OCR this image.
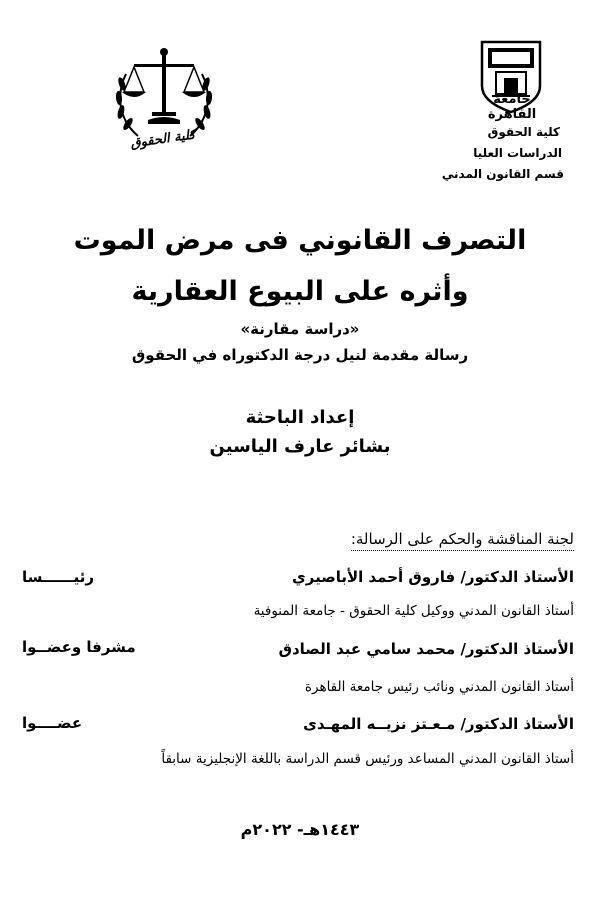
كلية الحقوق
جامعة القاهرة
كلية الحقوق
الدراسات العليا
قسم القانون المدني
التصرف القانوني فى مرض الموت
وأثره على البيوع العقارية
«دراسة مقارنة»
رسالة مقدمة لنيل درجة الدكتوراه في الحقوق
إعداد الباحثة
بشائر عارف الياسين
لجنة المناقشة والحكم على الرسالة:
الأستاذ الدكتور/ فاروق أحمد الأباصيري
رئيــــــسا
أستاذ القانون المدني ووكيل كلية الحقوق - جامعة المنوفية
الأستاذ الدكتور/ محمد سامي عبد الصادق
مشرفا وعضــوا
أستاذ القانون المدني ونائب رئيس جامعة القاهرة
الأستاذ الدكتور/ مـعـتز نزيــه المهـدى
عضــــوا
أستاذ القانون المدني المساعد ورئيس قسم الدراسة باللغة الإنجليزية سابقاً
١٤٤٣هـ- ٢٠٢٢م
